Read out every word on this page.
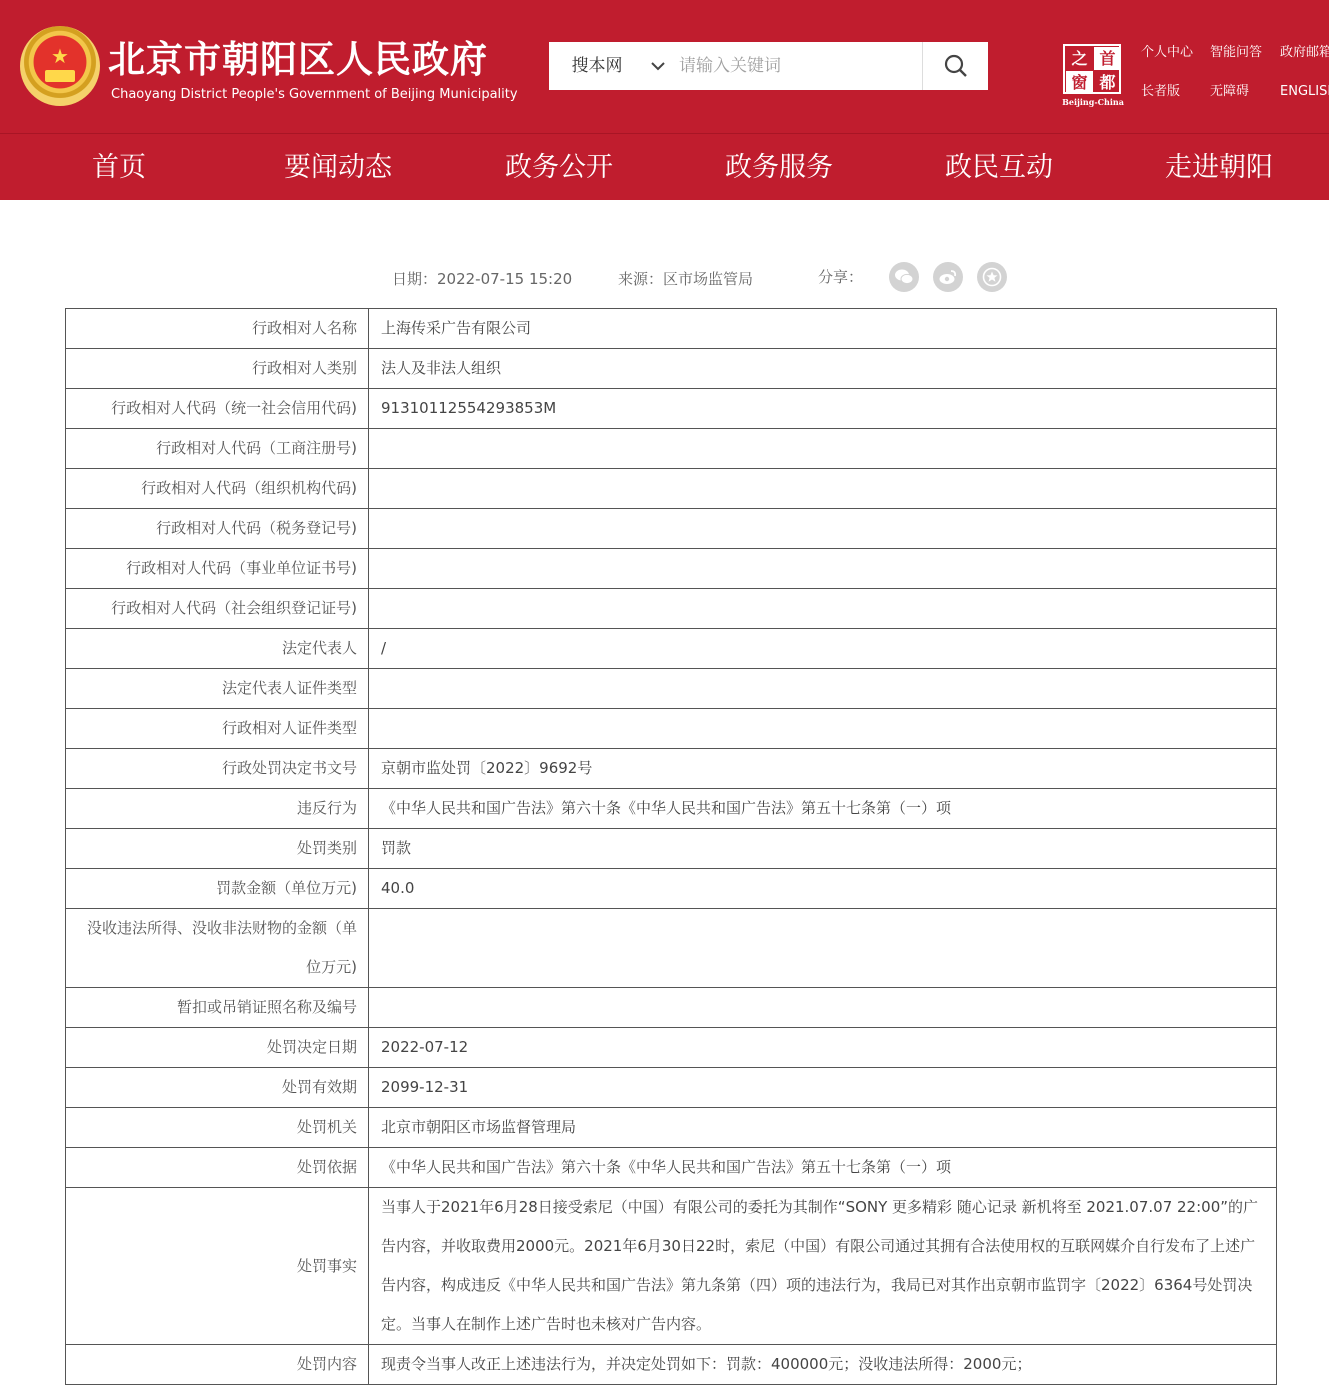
★	北京市朝阳区人民政府
Chaoyang District People's Government of Beijing Municipality
搜本网
请输入关键词	之 首
窗 都
Beijing-China
个人中心 智能问答 政府邮箱
长者版 无障碍 ENGLISH
首页	要闻动态	政务公开	政务服务	政民互动	走进朝阳
日期：2022-07-15 15:20	来源：区市场监管局	分享：
行政相对人名称	上海传采广告有限公司
行政相对人类别	法人及非法人组织
行政相对人代码（统一社会信用代码)	91310112554293853M
行政相对人代码（工商注册号)	
行政相对人代码（组织机构代码)	
行政相对人代码（税务登记号)	
行政相对人代码（事业单位证书号)	
行政相对人代码（社会组织登记证号)	
法定代表人	/
法定代表人证件类型	
行政相对人证件类型	
行政处罚决定书文号	京朝市监处罚〔2022〕9692号
违反行为	《中华人民共和国广告法》第六十条《中华人民共和国广告法》第五十七条第（一）项
处罚类别	罚款
罚款金额（单位万元)	40.0
没收违法所得、没收非法财物的金额（单位万元)	
暂扣或吊销证照名称及编号	
处罚决定日期	2022-07-12
处罚有效期	2099-12-31
处罚机关	北京市朝阳区市场监督管理局
处罚依据	《中华人民共和国广告法》第六十条《中华人民共和国广告法》第五十七条第（一）项
处罚事实	当事人于2021年6月28日接受索尼（中国）有限公司的委托为其制作“SONY 更多精彩 随心记录 新机将至 2021.07.07 22:00”的广告内容，并收取费用2000元。2021年6月30日22时，索尼（中国）有限公司通过其拥有合法使用权的互联网媒介自行发布了上述广告内容，构成违反《中华人民共和国广告法》第九条第（四）项的违法行为，我局已对其作出京朝市监罚字〔2022〕6364号处罚决定。当事人在制作上述广告时也未核对广告内容。
处罚内容	现责令当事人改正上述违法行为，并决定处罚如下：罚款：400000元；没收违法所得：2000元；
